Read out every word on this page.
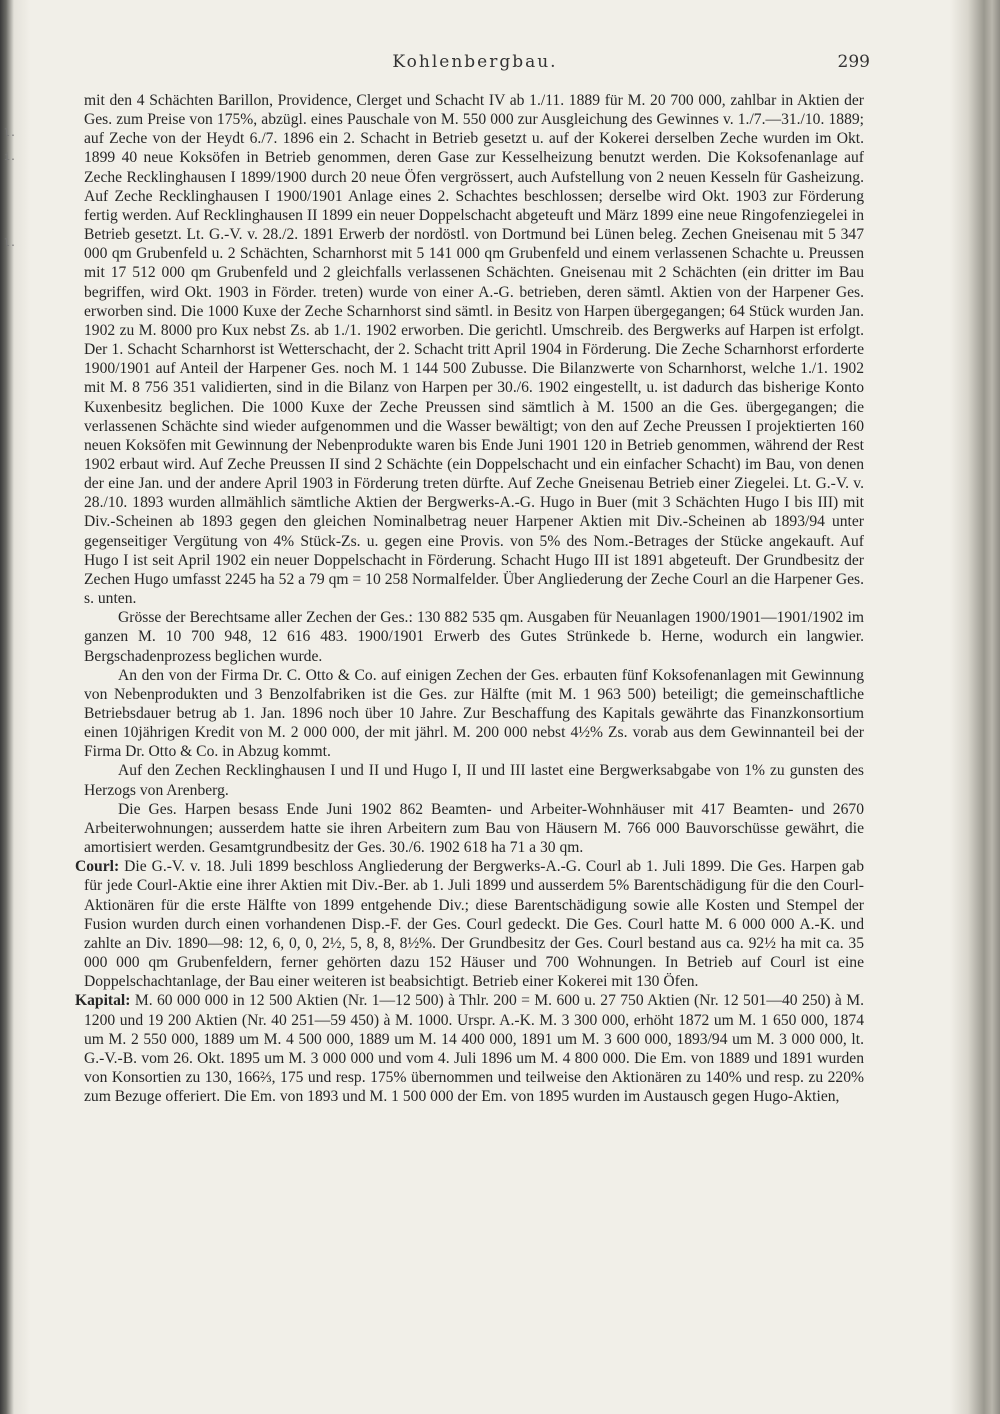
l.
i.
l.
Kohlenbergbau.	299

mit den 4 Schächten Barillon, Providence, Clerget und Schacht IV ab 1./11. 1889 für M. 20 700 000, zahlbar in Aktien der Ges. zum Preise von 175%, abzügl. eines Pauschale von M. 550 000 zur Ausgleichung des Gewinnes v. 1./7.—31./10. 1889; auf Zeche von der Heydt 6./7. 1896 ein 2. Schacht in Betrieb gesetzt u. auf der Kokerei derselben Zeche wurden im Okt. 1899 40 neue Koksöfen in Betrieb genommen, deren Gase zur Kesselheizung benutzt werden. Die Koksofenanlage auf Zeche Recklinghausen I 1899/1900 durch 20 neue Öfen vergrössert, auch Aufstellung von 2 neuen Kesseln für Gasheizung. Auf Zeche Recklinghausen I 1900/1901 Anlage eines 2. Schachtes beschlossen; derselbe wird Okt. 1903 zur Förderung fertig werden. Auf Recklinghausen II 1899 ein neuer Doppelschacht abgeteuft und März 1899 eine neue Ringofenziegelei in Betrieb gesetzt. Lt. G.-V. v. 28./2. 1891 Erwerb der nordöstl. von Dortmund bei Lünen beleg. Zechen Gneisenau mit 5 347 000 qm Grubenfeld u. 2 Schächten, Scharnhorst mit 5 141 000 qm Grubenfeld und einem verlassenen Schachte u. Preussen mit 17 512 000 qm Grubenfeld und 2 gleichfalls verlassenen Schächten. Gneisenau mit 2 Schächten (ein dritter im Bau begriffen, wird Okt. 1903 in Förder. treten) wurde von einer A.-G. betrieben, deren sämtl. Aktien von der Harpener Ges. erworben sind. Die 1000 Kuxe der Zeche Scharnhorst sind sämtl. in Besitz von Harpen übergegangen; 64 Stück wurden Jan. 1902 zu M. 8000 pro Kux nebst Zs. ab 1./1. 1902 erworben. Die gerichtl. Umschreib. des Bergwerks auf Harpen ist erfolgt. Der 1. Schacht Scharnhorst ist Wetterschacht, der 2. Schacht tritt April 1904 in Förderung. Die Zeche Scharnhorst erforderte 1900/1901 auf Anteil der Harpener Ges. noch M. 1 144 500 Zubusse. Die Bilanzwerte von Scharnhorst, welche 1./1. 1902 mit M. 8 756 351 validierten, sind in die Bilanz von Harpen per 30./6. 1902 eingestellt, u. ist dadurch das bisherige Konto Kuxenbesitz beglichen. Die 1000 Kuxe der Zeche Preussen sind sämtlich à M. 1500 an die Ges. übergegangen; die verlassenen Schächte sind wieder aufgenommen und die Wasser bewältigt; von den auf Zeche Preussen I projektierten 160 neuen Koksöfen mit Gewinnung der Nebenprodukte waren bis Ende Juni 1901 120 in Betrieb genommen, während der Rest 1902 erbaut wird. Auf Zeche Preussen II sind 2 Schächte (ein Doppelschacht und ein einfacher Schacht) im Bau, von denen der eine Jan. und der andere April 1903 in Förderung treten dürfte. Auf Zeche Gneisenau Betrieb einer Ziegelei. Lt. G.-V. v. 28./10. 1893 wurden allmählich sämtliche Aktien der Bergwerks-A.-G. Hugo in Buer (mit 3 Schächten Hugo I bis III) mit Div.-Scheinen ab 1893 gegen den gleichen Nominalbetrag neuer Harpener Aktien mit Div.-Scheinen ab 1893/94 unter gegenseitiger Vergütung von 4% Stück-Zs. u. gegen eine Provis. von 5% des Nom.-Betrages der Stücke angekauft. Auf Hugo I ist seit April 1902 ein neuer Doppelschacht in Förderung. Schacht Hugo III ist 1891 abgeteuft. Der Grundbesitz der Zechen Hugo umfasst 2245 ha 52 a 79 qm = 10 258 Normalfelder. Über Angliederung der Zeche Courl an die Harpener Ges. s. unten.

Grösse der Berechtsame aller Zechen der Ges.: 130 882 535 qm. Ausgaben für Neuanlagen 1900/1901—1901/1902 im ganzen M. 10 700 948, 12 616 483. 1900/1901 Erwerb des Gutes Strünkede b. Herne, wodurch ein langwier. Bergschadenprozess beglichen wurde.

An den von der Firma Dr. C. Otto & Co. auf einigen Zechen der Ges. erbauten fünf Koksofenanlagen mit Gewinnung von Nebenprodukten und 3 Benzolfabriken ist die Ges. zur Hälfte (mit M. 1 963 500) beteiligt; die gemeinschaftliche Betriebsdauer betrug ab 1. Jan. 1896 noch über 10 Jahre. Zur Beschaffung des Kapitals gewährte das Finanzkonsortium einen 10jährigen Kredit von M. 2 000 000, der mit jährl. M. 200 000 nebst 4½% Zs. vorab aus dem Gewinnanteil bei der Firma Dr. Otto & Co. in Abzug kommt.

Auf den Zechen Recklinghausen I und II und Hugo I, II und III lastet eine Bergwerksabgabe von 1% zu gunsten des Herzogs von Arenberg.

Die Ges. Harpen besass Ende Juni 1902 862 Beamten- und Arbeiter-Wohnhäuser mit 417 Beamten- und 2670 Arbeiterwohnungen; ausserdem hatte sie ihren Arbeitern zum Bau von Häusern M. 766 000 Bauvorschüsse gewährt, die amortisiert werden. Gesamtgrundbesitz der Ges. 30./6. 1902 618 ha 71 a 30 qm.

Courl: Die G.-V. v. 18. Juli 1899 beschloss Angliederung der Bergwerks-A.-G. Courl ab 1. Juli 1899. Die Ges. Harpen gab für jede Courl-Aktie eine ihrer Aktien mit Div.-Ber. ab 1. Juli 1899 und ausserdem 5% Barentschädigung für die den Courl-Aktionären für die erste Hälfte von 1899 entgehende Div.; diese Barentschädigung sowie alle Kosten und Stempel der Fusion wurden durch einen vorhandenen Disp.-F. der Ges. Courl gedeckt. Die Ges. Courl hatte M. 6 000 000 A.-K. und zahlte an Div. 1890—98: 12, 6, 0, 0, 2½, 5, 8, 8, 8½%. Der Grundbesitz der Ges. Courl bestand aus ca. 92½ ha mit ca. 35 000 000 qm Grubenfeldern, ferner gehörten dazu 152 Häuser und 700 Wohnungen. In Betrieb auf Courl ist eine Doppelschachtanlage, der Bau einer weiteren ist beabsichtigt. Betrieb einer Kokerei mit 130 Öfen.

Kapital: M. 60 000 000 in 12 500 Aktien (Nr. 1—12 500) à Thlr. 200 = M. 600 u. 27 750 Aktien (Nr. 12 501—40 250) à M. 1200 und 19 200 Aktien (Nr. 40 251—59 450) à M. 1000. Urspr. A.-K. M. 3 300 000, erhöht 1872 um M. 1 650 000, 1874 um M. 2 550 000, 1889 um M. 4 500 000, 1889 um M. 14 400 000, 1891 um M. 3 600 000, 1893/94 um M. 3 000 000, lt. G.-V.-B. vom 26. Okt. 1895 um M. 3 000 000 und vom 4. Juli 1896 um M. 4 800 000. Die Em. von 1889 und 1891 wurden von Konsortien zu 130, 166⅔, 175 und resp. 175% übernommen und teilweise den Aktionären zu 140% und resp. zu 220% zum Bezuge offeriert. Die Em. von 1893 und M. 1 500 000 der Em. von 1895 wurden im Austausch gegen Hugo-Aktien,
